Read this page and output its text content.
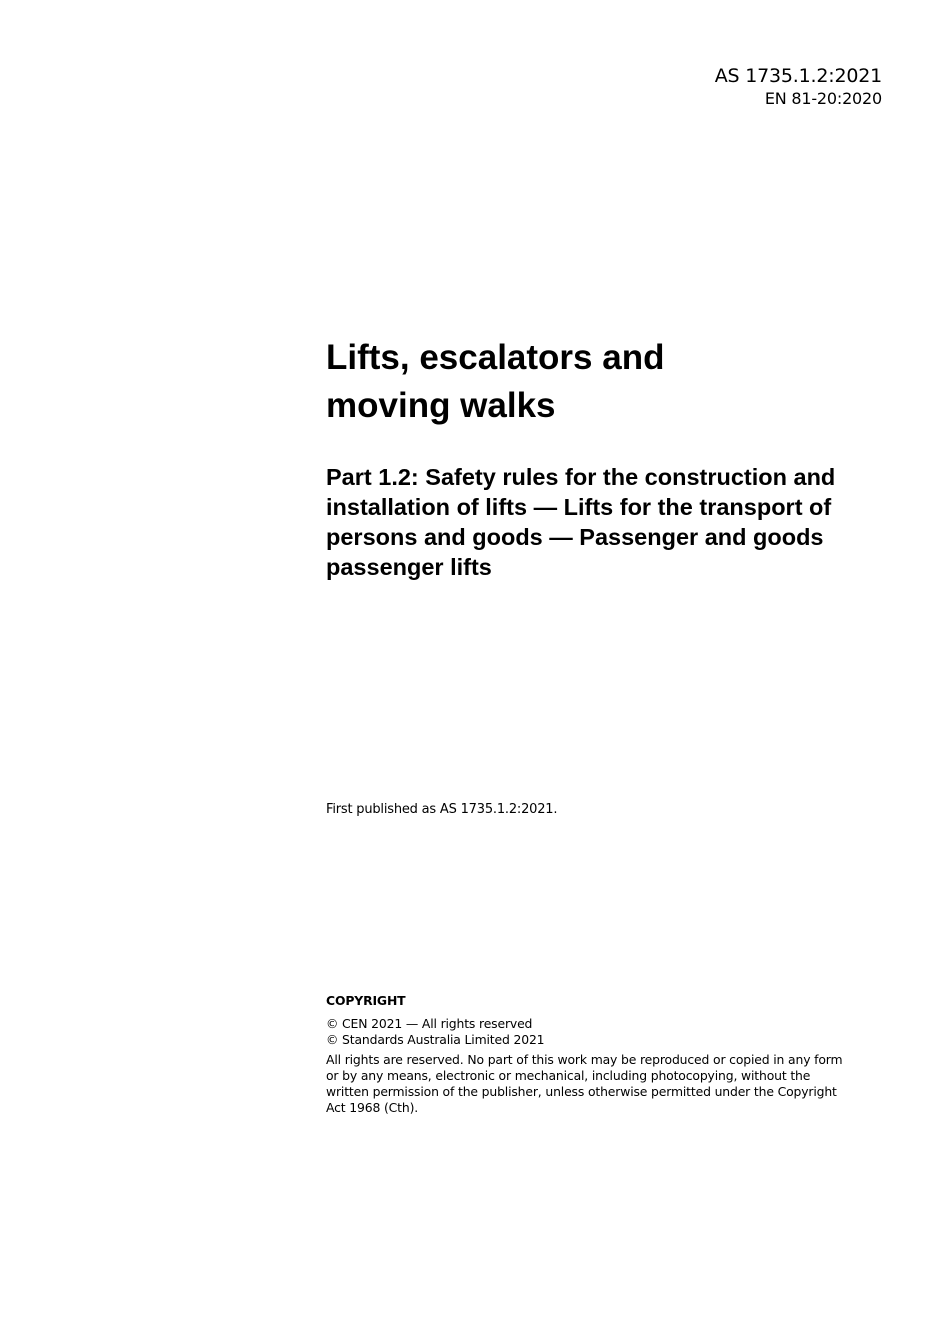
AS 1735.1.2:2021
EN 81-20:2020
Lifts, escalators and moving walks
Part 1.2: Safety rules for the construction and installation of lifts — Lifts for the transport of persons and goods — Passenger and goods passenger lifts
First published as AS 1735.1.2:2021.
COPYRIGHT
© CEN 2021 — All rights reserved
© Standards Australia Limited 2021
All rights are reserved. No part of this work may be reproduced or copied in any form or by any means, electronic or mechanical, including photocopying, without the written permission of the publisher, unless otherwise permitted under the Copyright Act 1968 (Cth).
